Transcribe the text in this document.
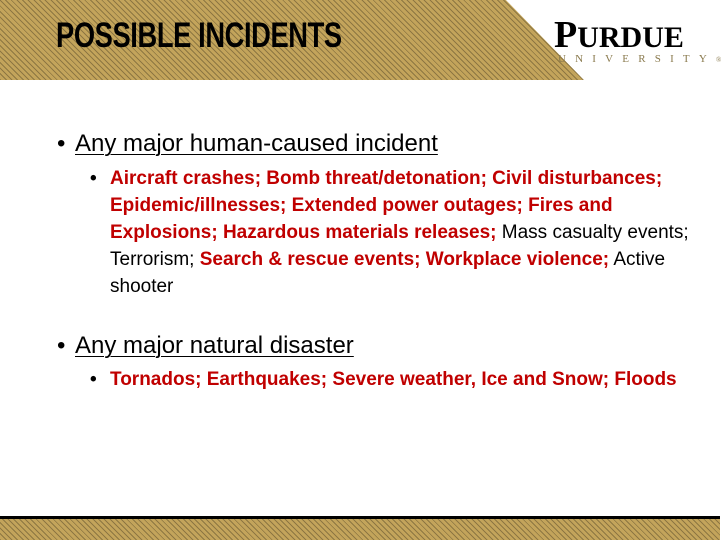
POSSIBLE INCIDENTS	PURDUE
UNIVERSITY®
• Any major human-caused incident
• Aircraft crashes; Bomb threat/detonation; Civil disturbances; Epidemic/illnesses; Extended power outages; Fires and Explosions; Hazardous materials releases; Mass casualty events; Terrorism; Search & rescue events; Workplace violence; Active shooter
• Any major natural disaster
• Tornados; Earthquakes; Severe weather, Ice and Snow; Floods
